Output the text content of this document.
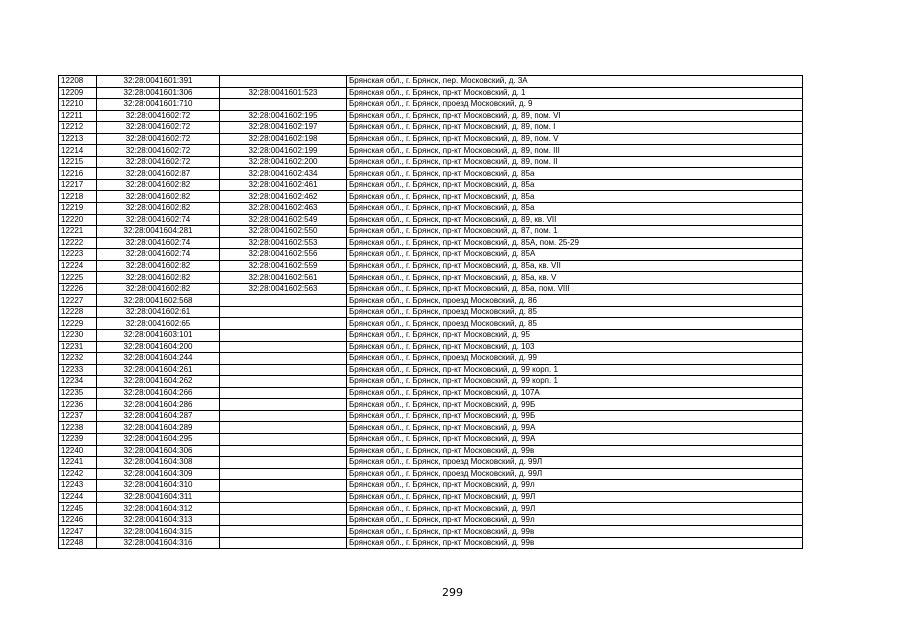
12208	32:28:0041601:391		Брянская обл., г. Брянск, пер. Московский, д. 3А
12209	32:28:0041601:306	32:28:0041601:523	Брянская обл., г. Брянск, пр-кт Московский, д. 1
12210	32:28:0041601:710		Брянская обл., г. Брянск, проезд Московский, д. 9
12211	32:28:0041602:72	32:28:0041602:195	Брянская обл., г. Брянск, пр-кт Московский, д. 89, пом. VI
12212	32:28:0041602:72	32:28:0041602:197	Брянская обл., г. Брянск, пр-кт Московский, д. 89, пом. I
12213	32:28:0041602:72	32:28:0041602:198	Брянская обл., г. Брянск, пр-кт Московский, д. 89, пом. V
12214	32:28:0041602:72	32:28:0041602:199	Брянская обл., г. Брянск, пр-кт Московский, д. 89, пом. III
12215	32:28:0041602:72	32:28:0041602:200	Брянская обл., г. Брянск, пр-кт Московский, д. 89, пом. II
12216	32:28:0041602:87	32:28:0041602:434	Брянская обл., г. Брянск, пр-кт Московский, д. 85а
12217	32:28:0041602:82	32:28:0041602:461	Брянская обл., г. Брянск, пр-кт Московский, д. 85а
12218	32:28:0041602:82	32:28:0041602:462	Брянская обл., г. Брянск, пр-кт Московский, д. 85а
12219	32:28:0041602:82	32:28:0041602:463	Брянская обл., г. Брянск, пр-кт Московский, д. 85а
12220	32:28:0041602:74	32:28:0041602:549	Брянская обл., г. Брянск, пр-кт Московский, д. 89, кв. VII
12221	32:28:0041604:281	32:28:0041602:550	Брянская обл., г. Брянск, пр-кт Московский, д. 87, пом. 1
12222	32:28:0041602:74	32:28:0041602:553	Брянская обл., г. Брянск, пр-кт Московский, д. 85А, пом. 25-29
12223	32:28:0041602:74	32:28:0041602:556	Брянская обл., г. Брянск, пр-кт Московский, д. 85А
12224	32:28:0041602:82	32:28:0041602:559	Брянская обл., г. Брянск, пр-кт Московский, д. 85а, кв. VII
12225	32:28:0041602:82	32:28:0041602:561	Брянская обл., г. Брянск, пр-кт Московский, д. 85а, кв. V
12226	32:28:0041602:82	32:28:0041602:563	Брянская обл., г. Брянск, пр-кт Московский, д. 85а, пом. VIII
12227	32:28:0041602:568		Брянская обл., г. Брянск, проезд Московский, д. 86
12228	32:28:0041602:61		Брянская обл., г. Брянск, проезд Московский, д. 85
12229	32:28:0041602:65		Брянская обл., г. Брянск, проезд Московский, д. 85
12230	32:28:0041603:101		Брянская обл., г. Брянск, пр-кт Московский, д. 95
12231	32:28:0041604:200		Брянская обл., г. Брянск, пр-кт Московский, д. 103
12232	32:28:0041604:244		Брянская обл., г. Брянск, проезд Московский, д. 99
12233	32:28:0041604:261		Брянская обл., г. Брянск, пр-кт Московский, д. 99 корп. 1
12234	32:28:0041604:262		Брянская обл., г. Брянск, пр-кт Московский, д. 99 корп. 1
12235	32:28:0041604:266		Брянская обл., г. Брянск, пр-кт Московский, д. 107А
12236	32:28:0041604:286		Брянская обл., г. Брянск, пр-кт Московский, д. 99Б
12237	32:28:0041604:287		Брянская обл., г. Брянск, пр-кт Московский, д. 99Б
12238	32:28:0041604:289		Брянская обл., г. Брянск, пр-кт Московский, д. 99А
12239	32:28:0041604:295		Брянская обл., г. Брянск, пр-кт Московский, д. 99А
12240	32:28:0041604:306		Брянская обл., г. Брянск, пр-кт Московский, д. 99в
12241	32:28:0041604:308		Брянская обл., г. Брянск, проезд Московский, д. 99Л
12242	32:28:0041604:309		Брянская обл., г. Брянск, проезд Московский, д. 99Л
12243	32:28:0041604:310		Брянская обл., г. Брянск, пр-кт Московский, д. 99л
12244	32:28:0041604:311		Брянская обл., г. Брянск, пр-кт Московский, д. 99Л
12245	32:28:0041604:312		Брянская обл., г. Брянск, пр-кт Московский, д. 99Л
12246	32:28:0041604:313		Брянская обл., г. Брянск, пр-кт Московский, д. 99л
12247	32:28:0041604:315		Брянская обл., г. Брянск, пр-кт Московский, д. 99в
12248	32:28:0041604:316		Брянская обл., г. Брянск, пр-кт Московский, д. 99в
299
